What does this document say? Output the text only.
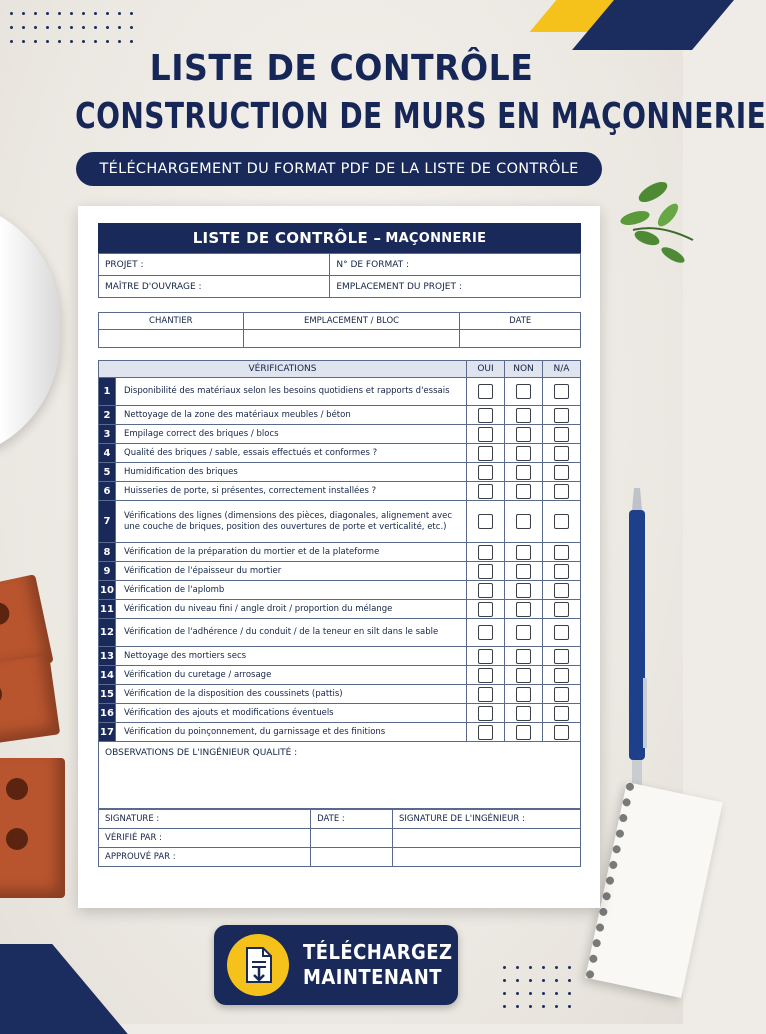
LISTE DE CONTRÔLE
CONSTRUCTION DE MURS EN MAÇONNERIE
TÉLÉCHARGEMENT DU FORMAT PDF DE LA LISTE DE CONTRÔLE
LISTE DE CONTRÔLE – MAÇONNERIE
PROJET :	N° DE FORMAT :
MAÎTRE D'OUVRAGE :	EMPLACEMENT DU PROJET :
CHANTIER	EMPLACEMENT / BLOC	DATE

VÉRIFICATIONS		OUI	NON	N/A
1	Disponibilité des matériaux selon les besoins quotidiens et rapports d'essais			
2	Nettoyage de la zone des matériaux meubles / béton			
3	Empilage correct des briques / blocs			
4	Qualité des briques / sable, essais effectués et conformes ?			
5	Humidification des briques			
6	Huisseries de porte, si présentes, correctement installées ?			
7	Vérifications des lignes (dimensions des pièces, diagonales, alignement avec une couche de briques, position des ouvertures de porte et verticalité, etc.)			
8	Vérification de la préparation du mortier et de la plateforme			
9	Vérification de l'épaisseur du mortier			
10	Vérification de l'aplomb			
11	Vérification du niveau fini / angle droit / proportion du mélange			
12	Vérification de l'adhérence / du conduit / de la teneur en silt dans le sable			
13	Nettoyage des mortiers secs			
14	Vérification du curetage / arrosage			
15	Vérification de la disposition des coussinets (pattis)			
16	Vérification des ajouts et modifications éventuels			
17	Vérification du poinçonnement, du garnissage et des finitions			
OBSERVATIONS DE L'INGÉNIEUR QUALITÉ :				
SIGNATURE :	DATE :	SIGNATURE DE L'INGÉNIEUR :
VÉRIFIÉ PAR :		
APPROUVÉ PAR :		
TÉLÉCHARGEZ
MAINTENANT
